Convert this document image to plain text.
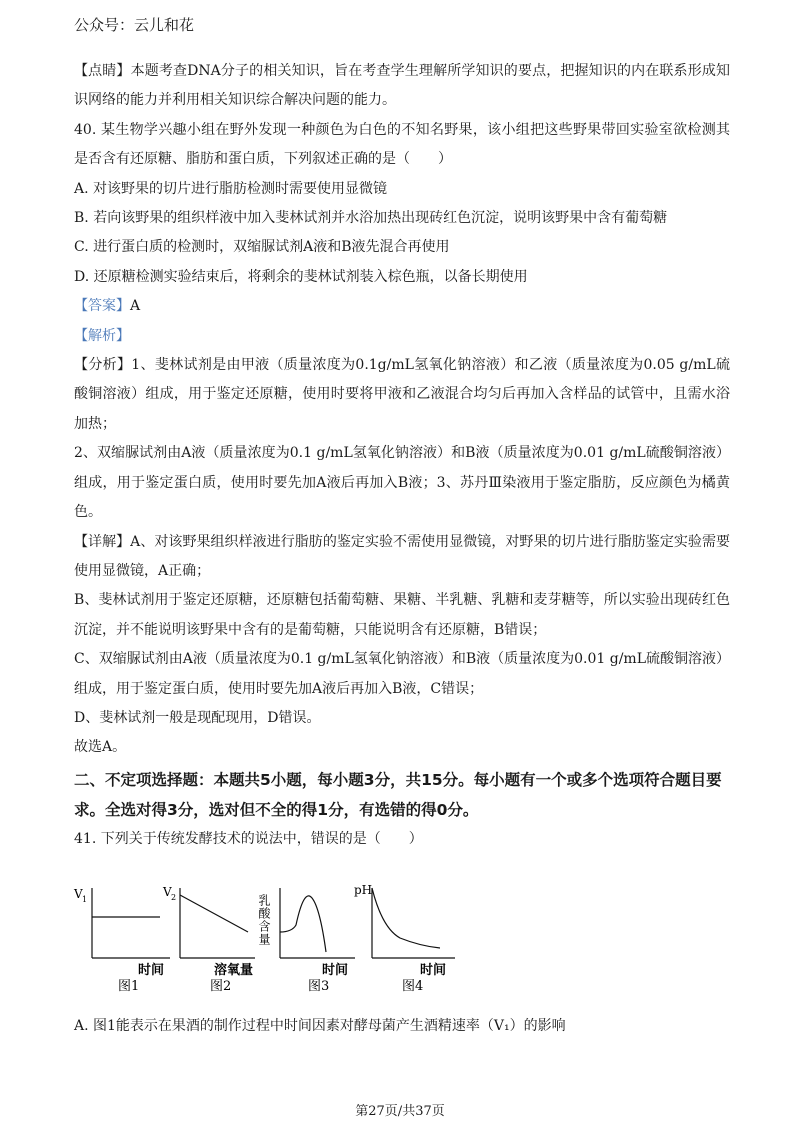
公众号：云儿和花

【点睛】本题考查DNA分子的相关知识，旨在考查学生理解所学知识的要点，把握知识的内在联系形成知识网络的能力并利用相关知识综合解决问题的能力。

40. 某生物学兴趣小组在野外发现一种颜色为白色的不知名野果，该小组把这些野果带回实验室欲检测其是否含有还原糖、脂肪和蛋白质，下列叙述正确的是（　　）

A. 对该野果的切片进行脂肪检测时需要使用显微镜

B. 若向该野果的组织样液中加入斐林试剂并水浴加热出现砖红色沉淀，说明该野果中含有葡萄糖

C. 进行蛋白质的检测时，双缩脲试剂A液和B液先混合再使用

D. 还原糖检测实验结束后，将剩余的斐林试剂装入棕色瓶，以备长期使用

【答案】A

【解析】

【分析】1、斐林试剂是由甲液（质量浓度为0.1g/mL氢氧化钠溶液）和乙液（质量浓度为0.05 g/mL硫酸铜溶液）组成，用于鉴定还原糖，使用时要将甲液和乙液混合均匀后再加入含样品的试管中，且需水浴加热；

2、双缩脲试剂由A液（质量浓度为0.1 g/mL氢氧化钠溶液）和B液（质量浓度为0.01 g/mL硫酸铜溶液）组成，用于鉴定蛋白质，使用时要先加A液后再加入B液；3、苏丹Ⅲ染液用于鉴定脂肪，反应颜色为橘黄色。

【详解】A、对该野果组织样液进行脂肪的鉴定实验不需使用显微镜，对野果的切片进行脂肪鉴定实验需要使用显微镜，A正确；

B、斐林试剂用于鉴定还原糖，还原糖包括葡萄糖、果糖、半乳糖、乳糖和麦芽糖等，所以实验出现砖红色沉淀，并不能说明该野果中含有的是葡萄糖，只能说明含有还原糖，B错误；

C、双缩脲试剂由A液（质量浓度为0.1 g/mL氢氧化钠溶液）和B液（质量浓度为0.01 g/mL硫酸铜溶液）组成，用于鉴定蛋白质，使用时要先加A液后再加入B液，C错误；

D、斐林试剂一般是现配现用，D错误。

故选A。

二、不定项选择题：本题共5小题，每小题3分，共15分。每小题有一个或多个选项符合题目要求。全选对得3分，选对但不全的得1分，有选错的得0分。

41. 下列关于传统发酵技术的说法中，错误的是（　　）

V 1
时间
图1
V 2
溶氧量
图2
乳酸含量
时间
图3
pH
时间
图4
A. 图1能表示在果酒的制作过程中时间因素对酵母菌产生酒精速率（V₁）的影响
第27页/共37页
